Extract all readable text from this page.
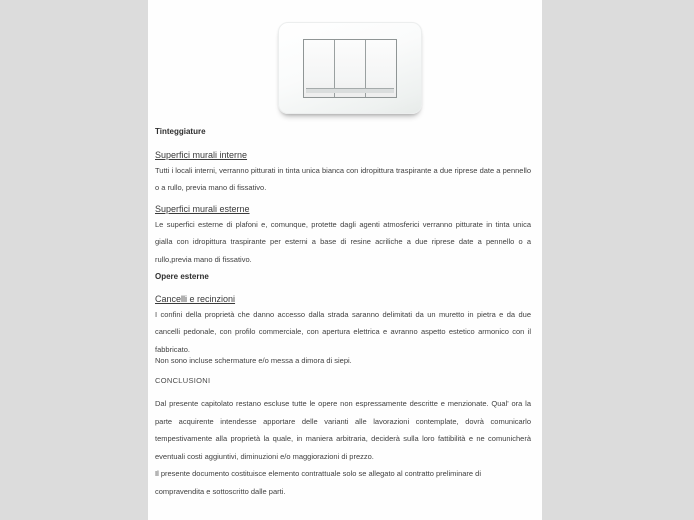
Tinteggiature

Superfici murali interne

Tutti i locali interni, verranno pitturati in tinta unica bianca con idropittura traspirante a due riprese date a pennello o a rullo, previa mano di fissativo.

Superfici murali esterne

Le superfici esterne di plafoni e, comunque, protette dagli agenti atmosferici verranno pitturate in tinta unica gialla con idropittura traspirante per esterni a base di resine acriliche a due riprese date a pennello o a rullo,previa mano di fissativo.

Opere esterne

Cancelli e recinzioni

I confini della proprietà che danno accesso dalla strada saranno delimitati da un muretto in pietra e da due cancelli pedonale, con profilo commerciale, con apertura elettrica e avranno aspetto estetico armonico con il fabbricato.

Non sono incluse schermature e/o messa a dimora di siepi.

CONCLUSIONI

Dal presente capitolato restano escluse tutte le opere non espressamente descritte e menzionate. Qual' ora la parte acquirente intendesse apportare delle varianti alle lavorazioni contemplate, dovrà comunicarlo tempestivamente alla proprietà la quale, in maniera arbitraria, deciderà sulla loro fattibilità e ne comunicherà eventuali costi aggiuntivi, diminuzioni e/o maggiorazioni di prezzo.

Il presente documento costituisce elemento contrattuale solo se allegato al contratto preliminare di compravendita e sottoscritto dalle parti.
